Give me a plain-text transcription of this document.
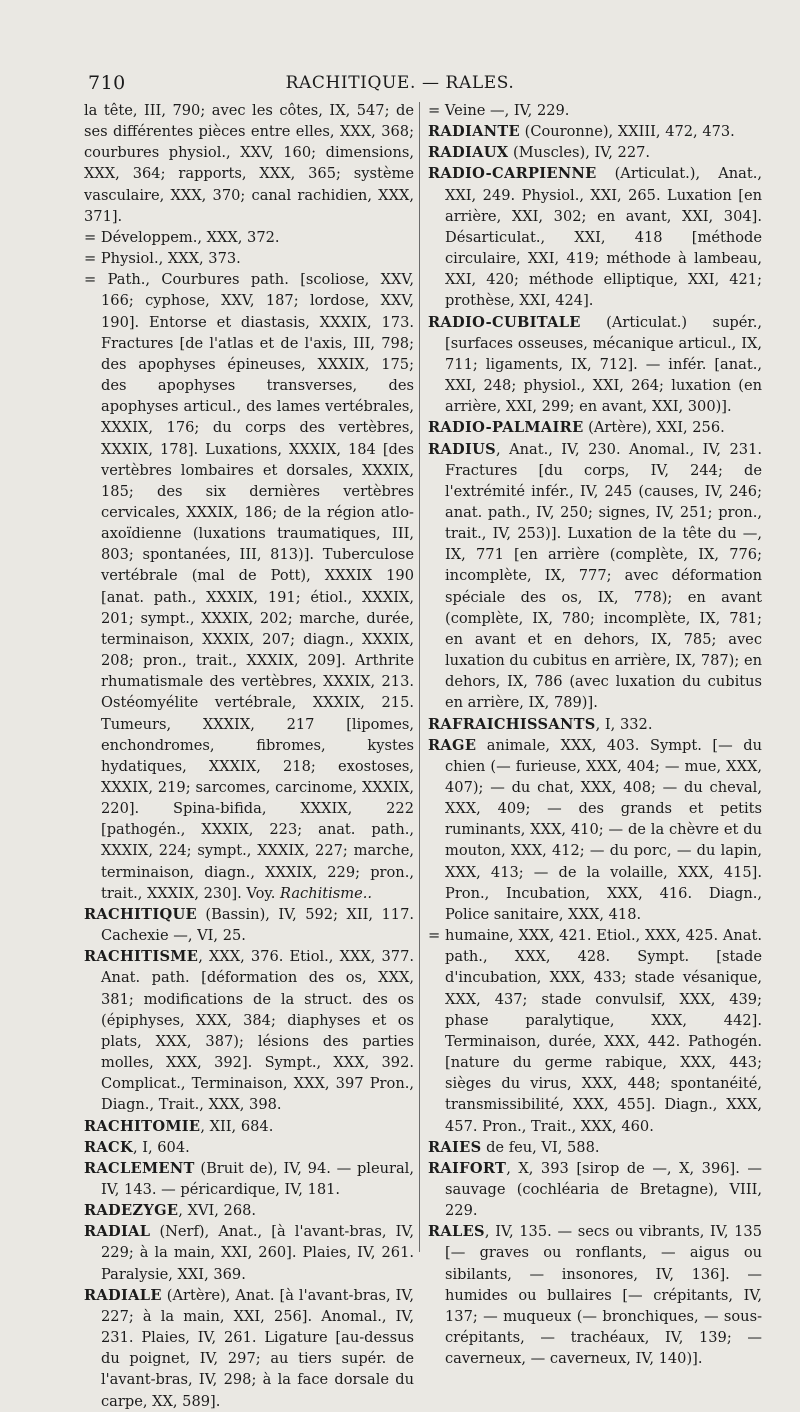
710	RACHITIQUE. — RALES.

la tête, III, 790; avec les côtes, IX, 547; de ses différentes pièces entre elles, XXX, 368; courbures physiol., XXV, 160; dimensions, XXX, 364; rapports, XXX, 365; système vasculaire, XXX, 370; canal rachidien, XXX, 371].

= Développem., XXX, 372.

= Physiol., XXX, 373.

= Path., Courbures path. [scoliose, XXV, 166; cyphose, XXV, 187; lordose, XXV, 190]. Entorse et diastasis, XXXIX, 173. Fractures [de l'atlas et de l'axis, III, 798; des apophyses épineuses, XXXIX, 175; des apophyses transverses, des apophyses articul., des lames vertébrales, XXXIX, 176; du corps des vertèbres, XXXIX, 178]. Luxations, XXXIX, 184 [des vertèbres lombaires et dorsales, XXXIX, 185; des six dernières vertèbres cervicales, XXXIX, 186; de la région atlo-axoïdienne (luxations traumatiques, III, 803; spontanées, III, 813)]. Tuberculose vertébrale (mal de Pott), XXXIX 190 [anat. path., XXXIX, 191; étiol., XXXIX, 201; sympt., XXXIX, 202; marche, durée, terminaison, XXXIX, 207; diagn., XXXIX, 208; pron., trait., XXXIX, 209]. Arthrite rhumatismale des vertèbres, XXXIX, 213. Ostéomyélite vertébrale, XXXIX, 215. Tumeurs, XXXIX, 217 [lipomes, enchondromes, fibromes, kystes hydatiques, XXXIX, 218; exostoses, XXXIX, 219; sarcomes, carcinome, XXXIX, 220]. Spina-bifida, XXXIX, 222 [pathogén., XXXIX, 223; anat. path., XXXIX, 224; sympt., XXXIX, 227; marche, terminaison, diagn., XXXIX, 229; pron., trait., XXXIX, 230]. Voy. Rachitisme..

RACHITIQUE (Bassin), IV, 592; XII, 117. Cachexie —, VI, 25.

RACHITISME, XXX, 376. Etiol., XXX, 377. Anat. path. [déformation des os, XXX, 381; modifications de la struct. des os (épiphyses, XXX, 384; diaphyses et os plats, XXX, 387); lésions des parties molles, XXX, 392]. Sympt., XXX, 392. Complicat., Terminaison, XXX, 397 Pron., Diagn., Trait., XXX, 398.

RACHITOMIE, XII, 684.

RACK, I, 604.

RACLEMENT (Bruit de), IV, 94. — pleural, IV, 143. — péricardique, IV, 181.

RADEZYGE, XVI, 268.

RADIAL (Nerf), Anat., [à l'avant-bras, IV, 229; à la main, XXI, 260]. Plaies, IV, 261. Paralysie, XXI, 369.

RADIALE (Artère), Anat. [à l'avant-bras, IV, 227; à la main, XXI, 256]. Anomal., IV, 231. Plaies, IV, 261. Ligature [au-dessus du poignet, IV, 297; au tiers supér. de l'avant-bras, IV, 298; à la face dorsale du carpe, XX, 589].

= Veine —, IV, 229.

RADIANTE (Couronne), XXIII, 472, 473.

RADIAUX (Muscles), IV, 227.

RADIO-CARPIENNE (Articulat.), Anat., XXI, 249. Physiol., XXI, 265. Luxation [en arrière, XXI, 302; en avant, XXI, 304]. Désarticulat., XXI, 418 [méthode circulaire, XXI, 419; méthode à lambeau, XXI, 420; méthode elliptique, XXI, 421; prothèse, XXI, 424].

RADIO-CUBITALE (Articulat.) supér., [surfaces osseuses, mécanique articul., IX, 711; ligaments, IX, 712]. — infér. [anat., XXI, 248; physiol., XXI, 264; luxation (en arrière, XXI, 299; en avant, XXI, 300)].

RADIO-PALMAIRE (Artère), XXI, 256.

RADIUS, Anat., IV, 230. Anomal., IV, 231. Fractures [du corps, IV, 244; de l'extrémité infér., IV, 245 (causes, IV, 246; anat. path., IV, 250; signes, IV, 251; pron., trait., IV, 253)]. Luxation de la tête du —, IX, 771 [en arrière (complète, IX, 776; incomplète, IX, 777; avec déformation spéciale des os, IX, 778); en avant (complète, IX, 780; incomplète, IX, 781; en avant et en dehors, IX, 785; avec luxation du cubitus en arrière, IX, 787); en dehors, IX, 786 (avec luxation du cubitus en arrière, IX, 789)].

RAFRAICHISSANTS, I, 332.

RAGE animale, XXX, 403. Sympt. [— du chien (— furieuse, XXX, 404; — mue, XXX, 407); — du chat, XXX, 408; — du cheval, XXX, 409; — des grands et petits ruminants, XXX, 410; — de la chèvre et du mouton, XXX, 412; — du porc, — du lapin, XXX, 413; — de la volaille, XXX, 415]. Pron., Incubation, XXX, 416. Diagn., Police sanitaire, XXX, 418.

= humaine, XXX, 421. Etiol., XXX, 425. Anat. path., XXX, 428. Sympt. [stade d'incubation, XXX, 433; stade vésanique, XXX, 437; stade convulsif, XXX, 439; phase paralytique, XXX, 442]. Terminaison, durée, XXX, 442. Pathogén. [nature du germe rabique, XXX, 443; sièges du virus, XXX, 448; spontanéité, transmissibilité, XXX, 455]. Diagn., XXX, 457. Pron., Trait., XXX, 460.

RAIES de feu, VI, 588.

RAIFORT, X, 393 [sirop de —, X, 396]. — sauvage (cochléaria de Bretagne), VIII, 229.

RALES, IV, 135. — secs ou vibrants, IV, 135 [— graves ou ronflants, — aigus ou sibilants, — insonores, IV, 136]. — humides ou bullaires [— crépitants, IV, 137; — muqueux (— bronchiques, — sous-crépitants, — trachéaux, IV, 139; — caverneux, — caverneux, IV, 140)].
